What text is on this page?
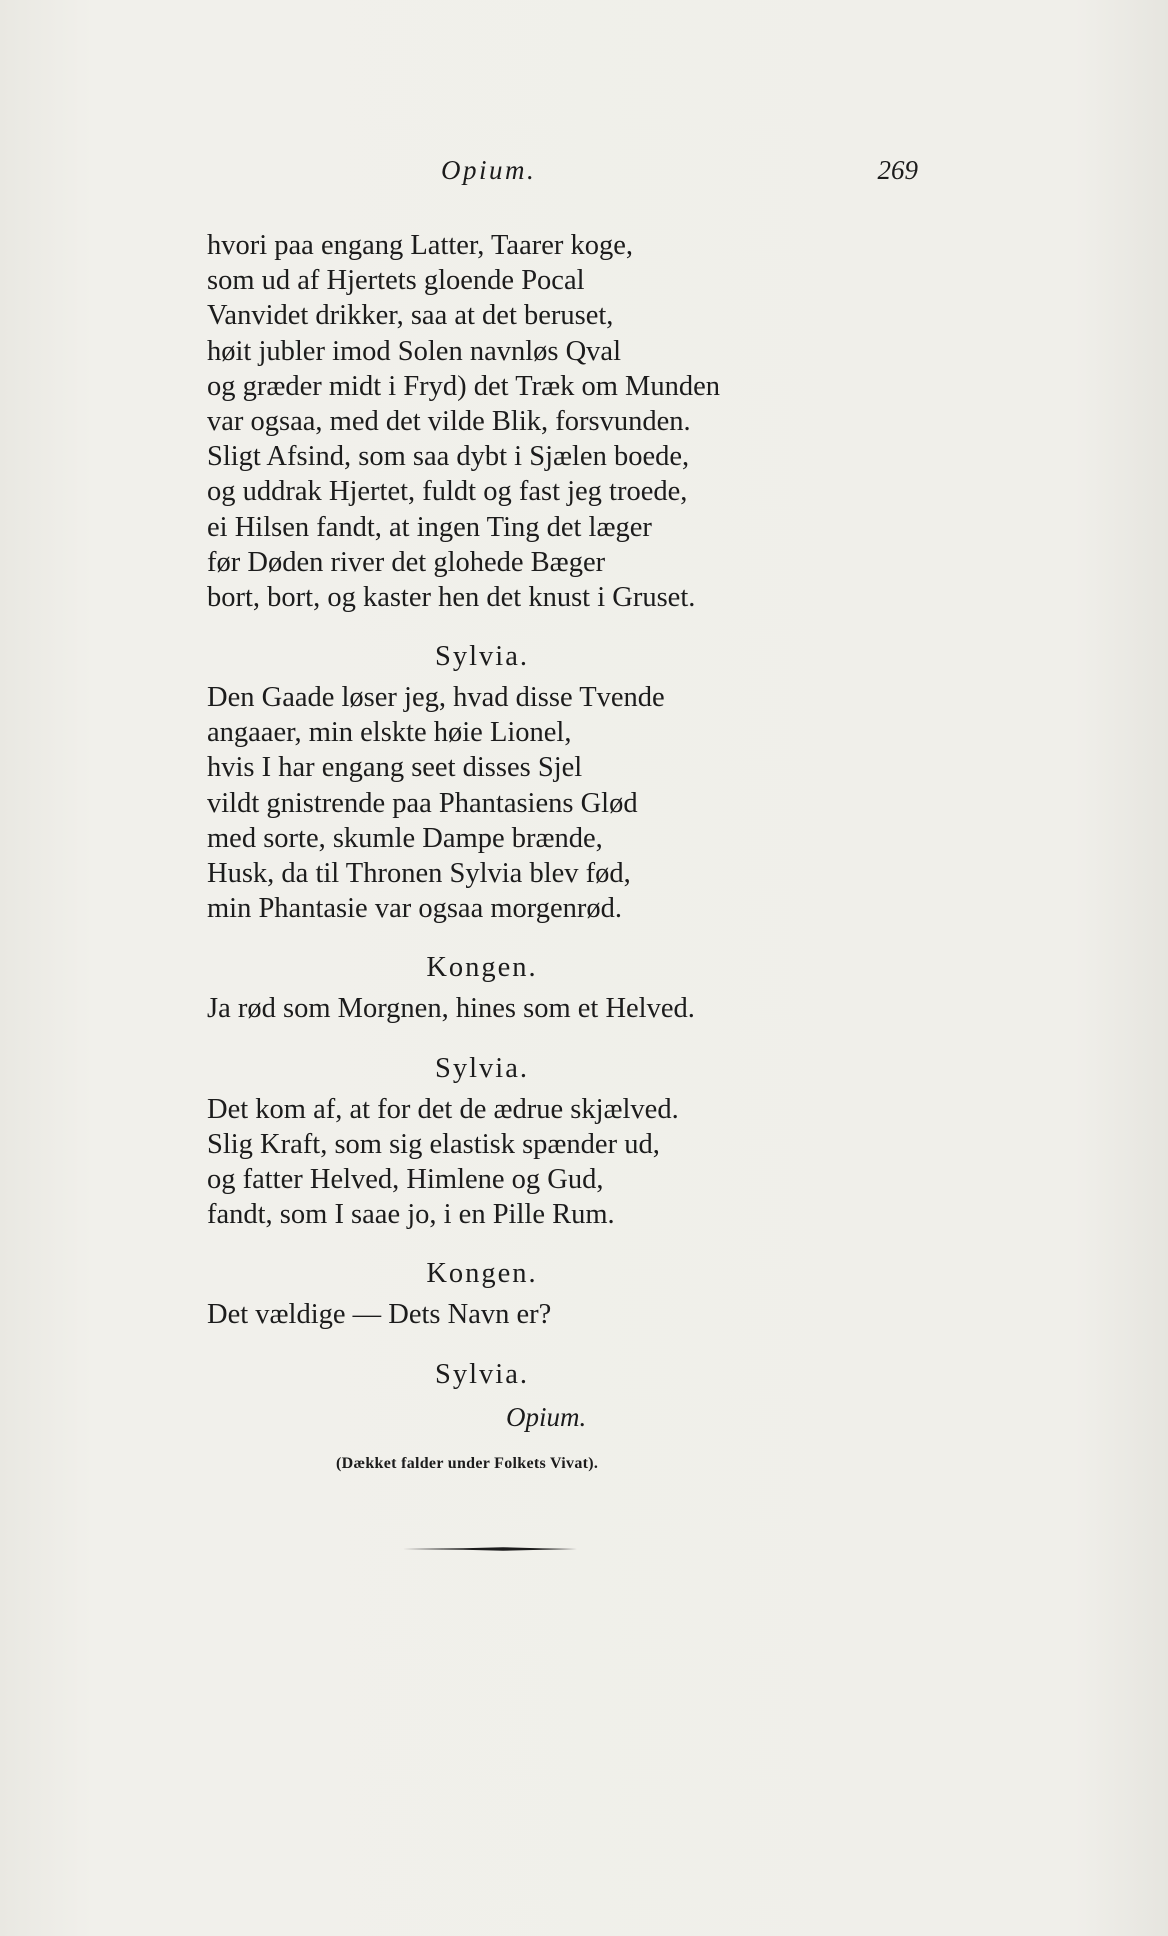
Opium.	269
hvori paa engang Latter, Taarer koge,
som ud af Hjertets gloende Pocal
Vanvidet drikker, saa at det beruset,
høit jubler imod Solen navnløs Qval
og græder midt i Fryd) det Træk om Munden
var ogsaa, med det vilde Blik, forsvunden.
Sligt Afsind, som saa dybt i Sjælen boede,
og uddrak Hjertet, fuldt og fast jeg troede,
ei Hilsen fandt, at ingen Ting det læger
før Døden river det glohede Bæger
bort, bort, og kaster hen det knust i Gruset.
Sylvia.
Den Gaade løser jeg, hvad disse Tvende
angaaer, min elskte høie Lionel,
hvis I har engang seet disses Sjel
vildt gnistrende paa Phantasiens Glød
med sorte, skumle Dampe brænde,
Husk, da til Thronen Sylvia blev fød,
min Phantasie var ogsaa morgenrød.
Kongen.
Ja rød som Morgnen, hines som et Helved.
Sylvia.
Det kom af, at for det de ædrue skjælved.
Slig Kraft, som sig elastisk spænder ud,
og fatter Helved, Himlene og Gud,
fandt, som I saae jo, i en Pille Rum.
Kongen.
Det vældige — Dets Navn er?
Sylvia.
Opium.
(Dækket falder under Folkets Vivat).
